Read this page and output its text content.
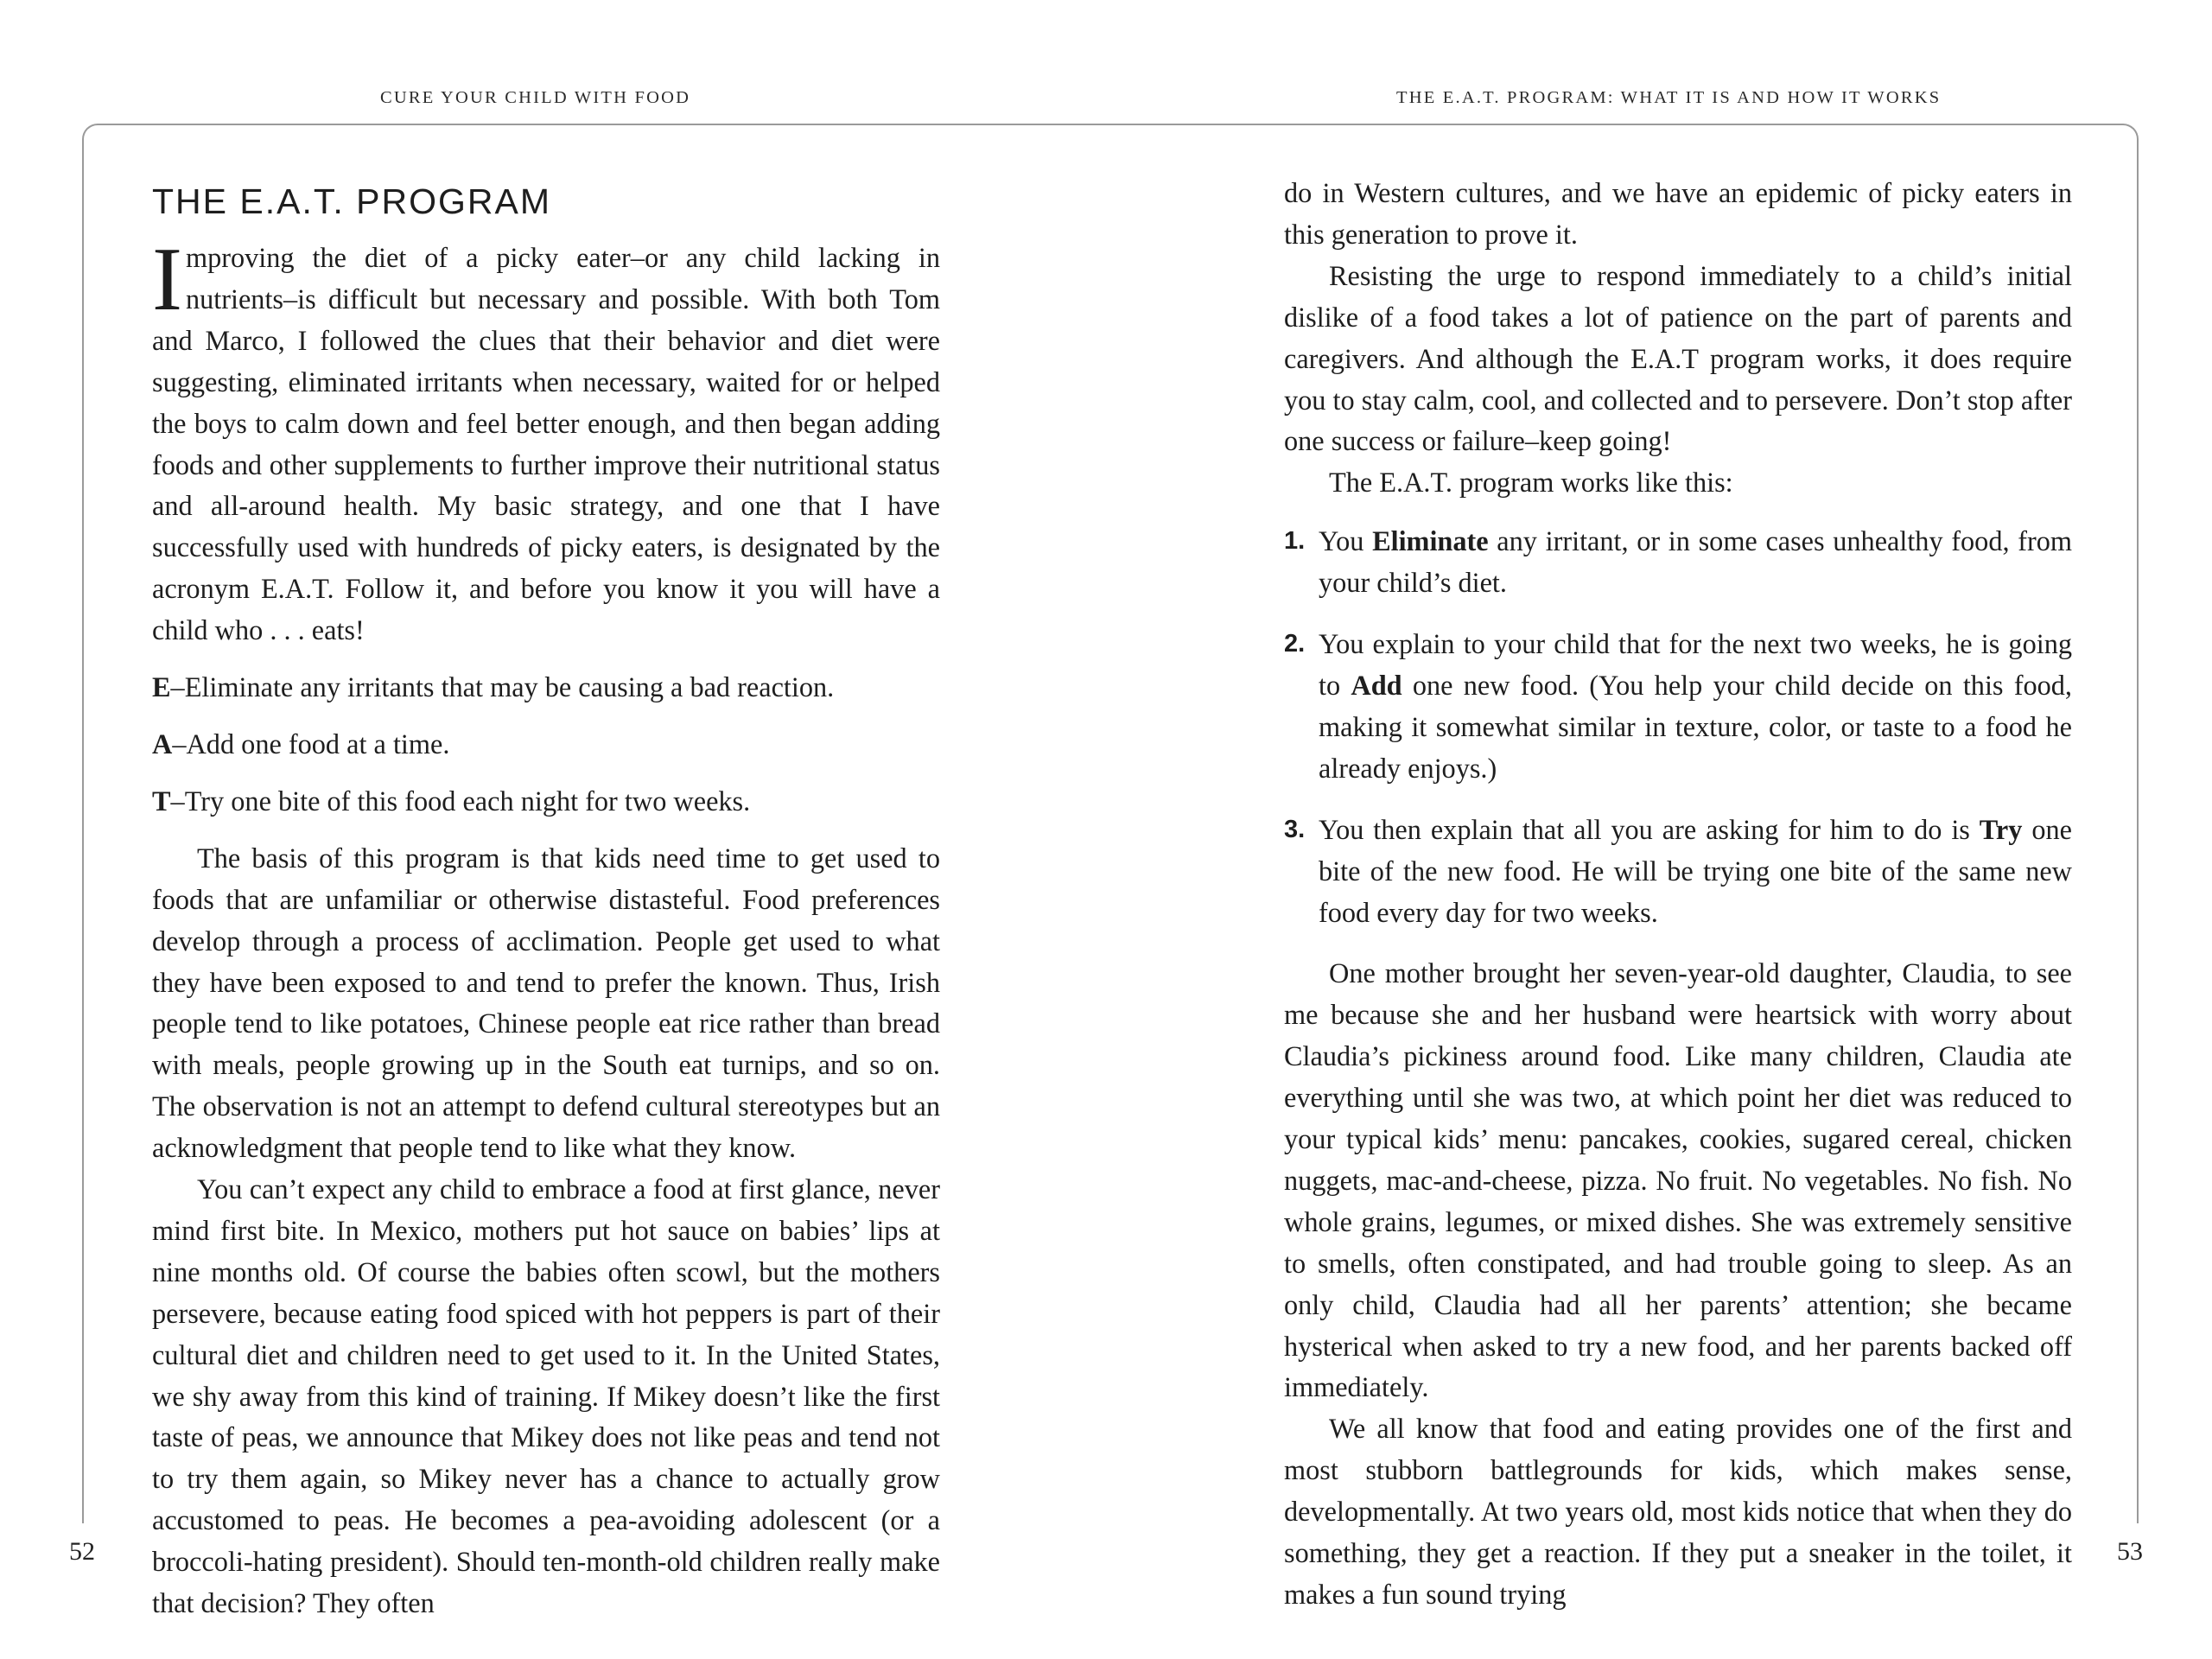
CURE YOUR CHILD WITH FOOD	THE E.A.T. PROGRAM: WHAT IT IS AND HOW IT WORKS
52	53
THE E.A.T. PROGRAM

Improving the diet of a picky eater–or any child lacking in nutrients–is difficult but necessary and possible. With both Tom and Marco, I followed the clues that their behavior and diet were suggesting, eliminated irritants when necessary, waited for or helped the boys to calm down and feel better enough, and then began adding foods and other supplements to further improve their nutritional status and all-around health. My basic strategy, and one that I have successfully used with hundreds of picky eaters, is designated by the acronym E.A.T. Follow it, and before you know it you will have a child who . . . eats!

E–Eliminate any irritants that may be causing a bad reaction.

A–Add one food at a time.

T–Try one bite of this food each night for two weeks.

The basis of this program is that kids need time to get used to foods that are unfamiliar or otherwise distasteful. Food preferences develop through a process of acclimation. People get used to what they have been exposed to and tend to prefer the known. Thus, Irish people tend to like potatoes, Chinese people eat rice rather than bread with meals, people growing up in the South eat turnips, and so on. The observation is not an attempt to defend cultural stereotypes but an acknowledgment that people tend to like what they know.

You can’t expect any child to embrace a food at first glance, never mind first bite. In Mexico, mothers put hot sauce on babies’ lips at nine months old. Of course the babies often scowl, but the mothers persevere, because eating food spiced with hot peppers is part of their cultural diet and children need to get used to it. In the United States, we shy away from this kind of training. If Mikey doesn’t like the first taste of peas, we announce that Mikey does not like peas and tend not to try them again, so Mikey never has a chance to actually grow accustomed to peas. He becomes a pea-avoiding adolescent (or a broccoli-hating president). Should ten-month-old children really make that decision? They often

do in Western cultures, and we have an epidemic of picky eaters in this generation to prove it.

Resisting the urge to respond immediately to a child’s initial dislike of a food takes a lot of patience on the part of parents and caregivers. And although the E.A.T program works, it does require you to stay calm, cool, and collected and to persevere. Don’t stop after one success or failure–keep going!

The E.A.T. program works like this:

1. You Eliminate any irritant, or in some cases unhealthy food, from your child’s diet.
2. You explain to your child that for the next two weeks, he is going to Add one new food. (You help your child decide on this food, making it somewhat similar in texture, color, or taste to a food he already enjoys.)
3. You then explain that all you are asking for him to do is Try one bite of the new food. He will be trying one bite of the same new food every day for two weeks.

One mother brought her seven-year-old daughter, Claudia, to see me because she and her husband were heartsick with worry about Claudia’s pickiness around food. Like many children, Claudia ate everything until she was two, at which point her diet was reduced to your typical kids’ menu: pancakes, cookies, sugared cereal, chicken nuggets, mac-and-cheese, pizza. No fruit. No vegetables. No fish. No whole grains, legumes, or mixed dishes. She was extremely sensitive to smells, often constipated, and had trouble going to sleep. As an only child, Claudia had all her parents’ attention; she became hysterical when asked to try a new food, and her parents backed off immediately.

We all know that food and eating provides one of the first and most stubborn battlegrounds for kids, which makes sense, developmentally. At two years old, most kids notice that when they do something, they get a reaction. If they put a sneaker in the toilet, it makes a fun sound trying
